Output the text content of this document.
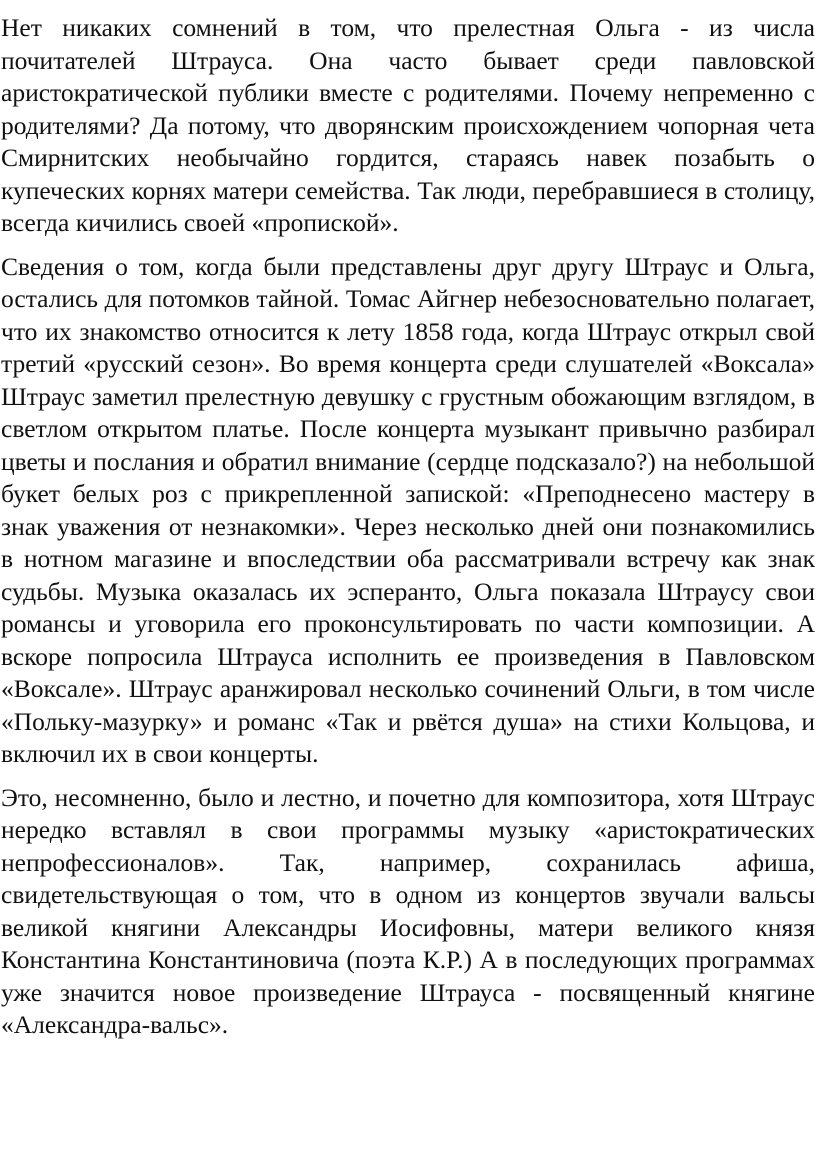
Нет никаких сомнений в том, что прелестная Ольга - из числа почитателей Штрауса. Она часто бывает среди павловской аристократической публики вместе с родителями. Почему непременно с родителями? Да потому, что дворянским происхождением чопорная чета Смирнитских необычайно гордится, стараясь навек позабыть о купеческих корнях матери семейства. Так люди, перебравшиеся в столицу, всегда кичились своей «пропиской».

Сведения о том, когда были представлены друг другу Штраус и Ольга, остались для потомков тайной. Томас Айгнер небезосновательно полагает, что их знакомство относится к лету 1858 года, когда Штраус открыл свой третий «русский сезон». Во время концерта среди слушателей «Воксала» Штраус заметил прелестную девушку с грустным обожающим взглядом, в светлом открытом платье. После концерта музыкант привычно разбирал цветы и послания и обратил внимание (сердце подсказало?) на небольшой букет белых роз с прикрепленной запиской: «Преподнесено мастеру в знак уважения от незнакомки». Через несколько дней они познакомились в нотном магазине и впоследствии оба рассматривали встречу как знак судьбы. Музыка оказалась их эсперанто, Ольга показала Штраусу свои романсы и уговорила его проконсультировать по части композиции. А вскоре попросила Штрауса исполнить ее произведения в Павловском «Воксале». Штраус аранжировал несколько сочинений Ольги, в том числе «Польку-мазурку» и романс «Так и рвётся душа» на стихи Кольцова, и включил их в свои концерты.

Это, несомненно, было и лестно, и почетно для композитора, хотя Штраус нередко вставлял в свои программы музыку «аристократических непрофессионалов». Так, например, сохранилась афиша, свидетельствующая о том, что в одном из концертов звучали вальсы великой княгини Александры Иосифовны, матери великого князя Константина Константиновича (поэта К.Р.) А в последующих программах уже значится новое произведение Штрауса - посвященный княгине «Александра-вальс».
